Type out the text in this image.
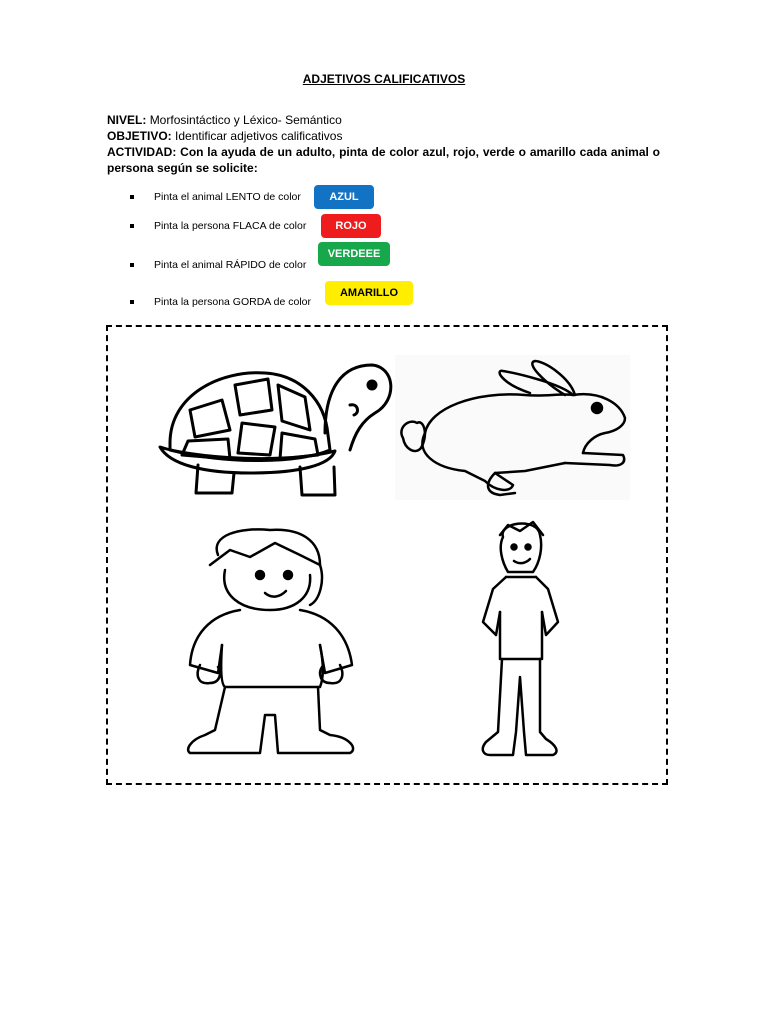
ADJETIVOS CALIFICATIVOS

NIVEL: Morfosintáctico y Léxico- Semántico

OBJETIVO: Identificar adjetivos calificativos

ACTIVIDAD: Con la ayuda de un adulto, pinta de color azul, rojo, verde o amarillo cada animal o persona según se solicite:

Pinta el animal LENTO de color
Pinta la persona FLACA de color
Pinta el animal RÁPIDO de color
Pinta la persona GORDA de color
AZUL
ROJO
VERDEEE
AMARILLO
